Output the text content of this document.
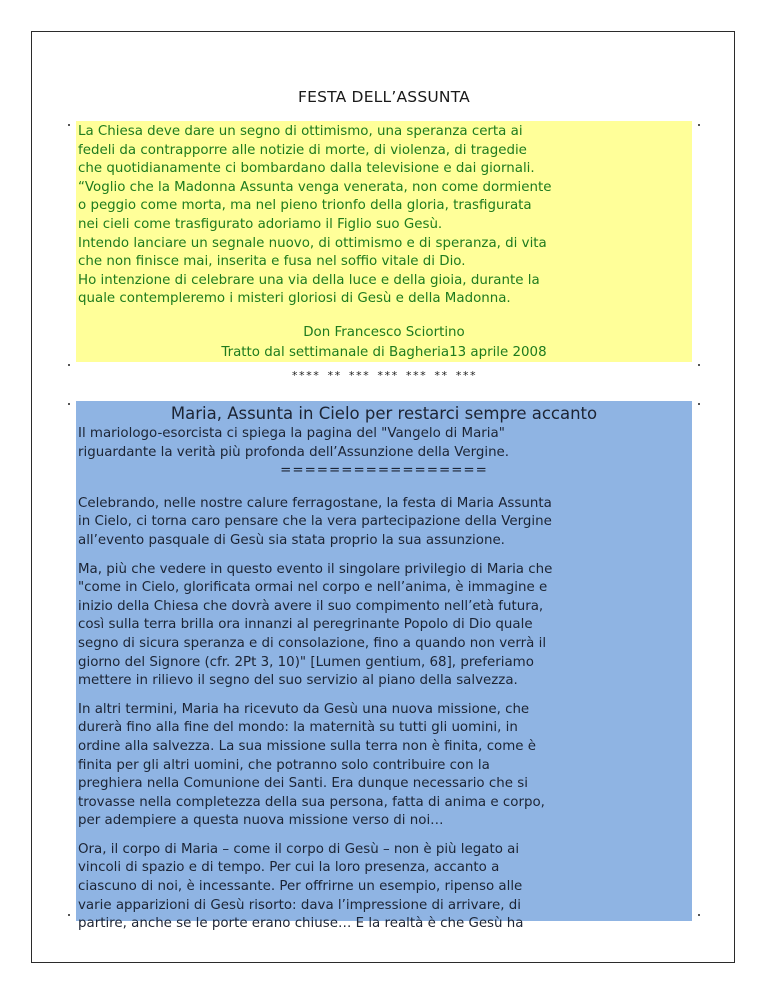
FESTA DELL’ASSUNTA

La Chiesa deve dare un segno di ottimismo, una speranza certa ai

fedeli da contrapporre alle notizie di morte, di violenza, di tragedie

che quotidianamente ci bombardano dalla televisione e dai giornali.

“Voglio che la Madonna Assunta venga venerata, non come dormiente

o peggio come morta, ma nel pieno trionfo della gloria, trasfigurata

nei cieli come trasfigurato adoriamo il Figlio suo Gesù.

Intendo lanciare un segnale nuovo, di ottimismo e di speranza, di vita

che non finisce mai, inserita e fusa nel soffio vitale di Dio.

Ho intenzione di celebrare una via della luce e della gioia, durante la

quale contempleremo i misteri gloriosi di Gesù e della Madonna.

Don Francesco Sciortino
Tratto dal settimanale di Bagheria13 aprile 2008
**** ** *** *** *** ** ***
Maria, Assunta in Cielo per restarci sempre accanto

Il mariologo-esorcista ci spiega la pagina del "Vangelo di Maria"

riguardante la verità più profonda dell’Assunzione della Vergine.

=================

Celebrando, nelle nostre calure ferragostane, la festa di Maria Assunta
in Cielo, ci torna caro pensare che la vera partecipazione della Vergine
all’evento pasquale di Gesù sia stata proprio la sua assunzione.

Ma, più che vedere in questo evento il singolare privilegio di Maria che
"come in Cielo, glorificata ormai nel corpo e nell’anima, è immagine e
inizio della Chiesa che dovrà avere il suo compimento nell’età futura,
così sulla terra brilla ora innanzi al peregrinante Popolo di Dio quale
segno di sicura speranza e di consolazione, fino a quando non verrà il
giorno del Signore (cfr. 2Pt 3, 10)" [Lumen gentium, 68], preferiamo
mettere in rilievo il segno del suo servizio al piano della salvezza.

In altri termini, Maria ha ricevuto da Gesù una nuova missione, che
durerà fino alla fine del mondo: la maternità su tutti gli uomini, in
ordine alla salvezza. La sua missione sulla terra non è finita, come è
finita per gli altri uomini, che potranno solo contribuire con la
preghiera nella Comunione dei Santi. Era dunque necessario che si
trovasse nella completezza della sua persona, fatta di anima e corpo,
per adempiere a questa nuova missione verso di noi…

Ora, il corpo di Maria – come il corpo di Gesù – non è più legato ai
vincoli di spazio e di tempo. Per cui la loro presenza, accanto a
ciascuno di noi, è incessante. Per offrirne un esempio, ripenso alle
varie apparizioni di Gesù risorto: dava l’impressione di arrivare, di
partire, anche se le porte erano chiuse… E la realtà è che Gesù ha
